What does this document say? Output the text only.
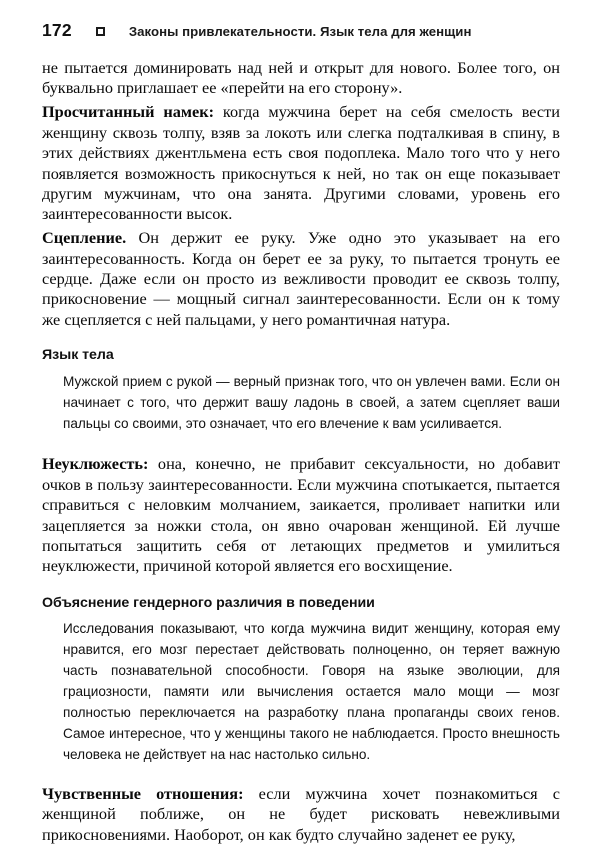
172	Законы привлекательности. Язык тела для женщин

не пытается доминировать над ней и открыт для нового. Более того, он буквально приглашает ее «перейти на его сторону».

Просчитанный намек: когда мужчина берет на себя смелость вести женщину сквозь толпу, взяв за локоть или слегка подталкивая в спину, в этих действиях джентльмена есть своя подоплека. Мало того что у него появляется возможность прикоснуться к ней, но так он еще показывает другим мужчинам, что она занята. Другими словами, уровень его заинтересованности высок.

Сцепление. Он держит ее руку. Уже одно это указывает на его заинтересованность. Когда он берет ее за руку, то пытается тронуть ее сердце. Даже если он просто из вежливости проводит ее сквозь толпу, прикосновение — мощный сигнал заинтересованности. Если он к тому же сцепляется с ней пальцами, у него романтичная натура.

Язык тела

Мужской прием с рукой — верный признак того, что он увлечен вами. Если он начинает с того, что держит вашу ладонь в своей, а затем сцепляет ваши пальцы со своими, это означает, что его влечение к вам усиливается.

Неуклюжесть: она, конечно, не прибавит сексуальности, но добавит очков в пользу заинтересованности. Если мужчина спотыкается, пытается справиться с неловким молчанием, заикается, проливает напитки или зацепляется за ножки стола, он явно очарован женщиной. Ей лучше попытаться защитить себя от летающих предметов и умилиться неуклюжести, причиной которой является его восхищение.

Объяснение гендерного различия в поведении

Исследования показывают, что когда мужчина видит женщину, которая ему нравится, его мозг перестает действовать полноценно, он теряет важную часть познавательной способности. Говоря на языке эволюции, для грациозности, памяти или вычисления остается мало мощи — мозг полностью переключается на разработку плана пропаганды своих генов. Самое интересное, что у женщины такого не наблюдается. Просто внешность человека не действует на нас настолько сильно.

Чувственные отношения: если мужчина хочет познакомиться с женщиной поближе, он не будет рисковать невежливыми прикосновениями. Наоборот, он как будто случайно заденет ее руку,
